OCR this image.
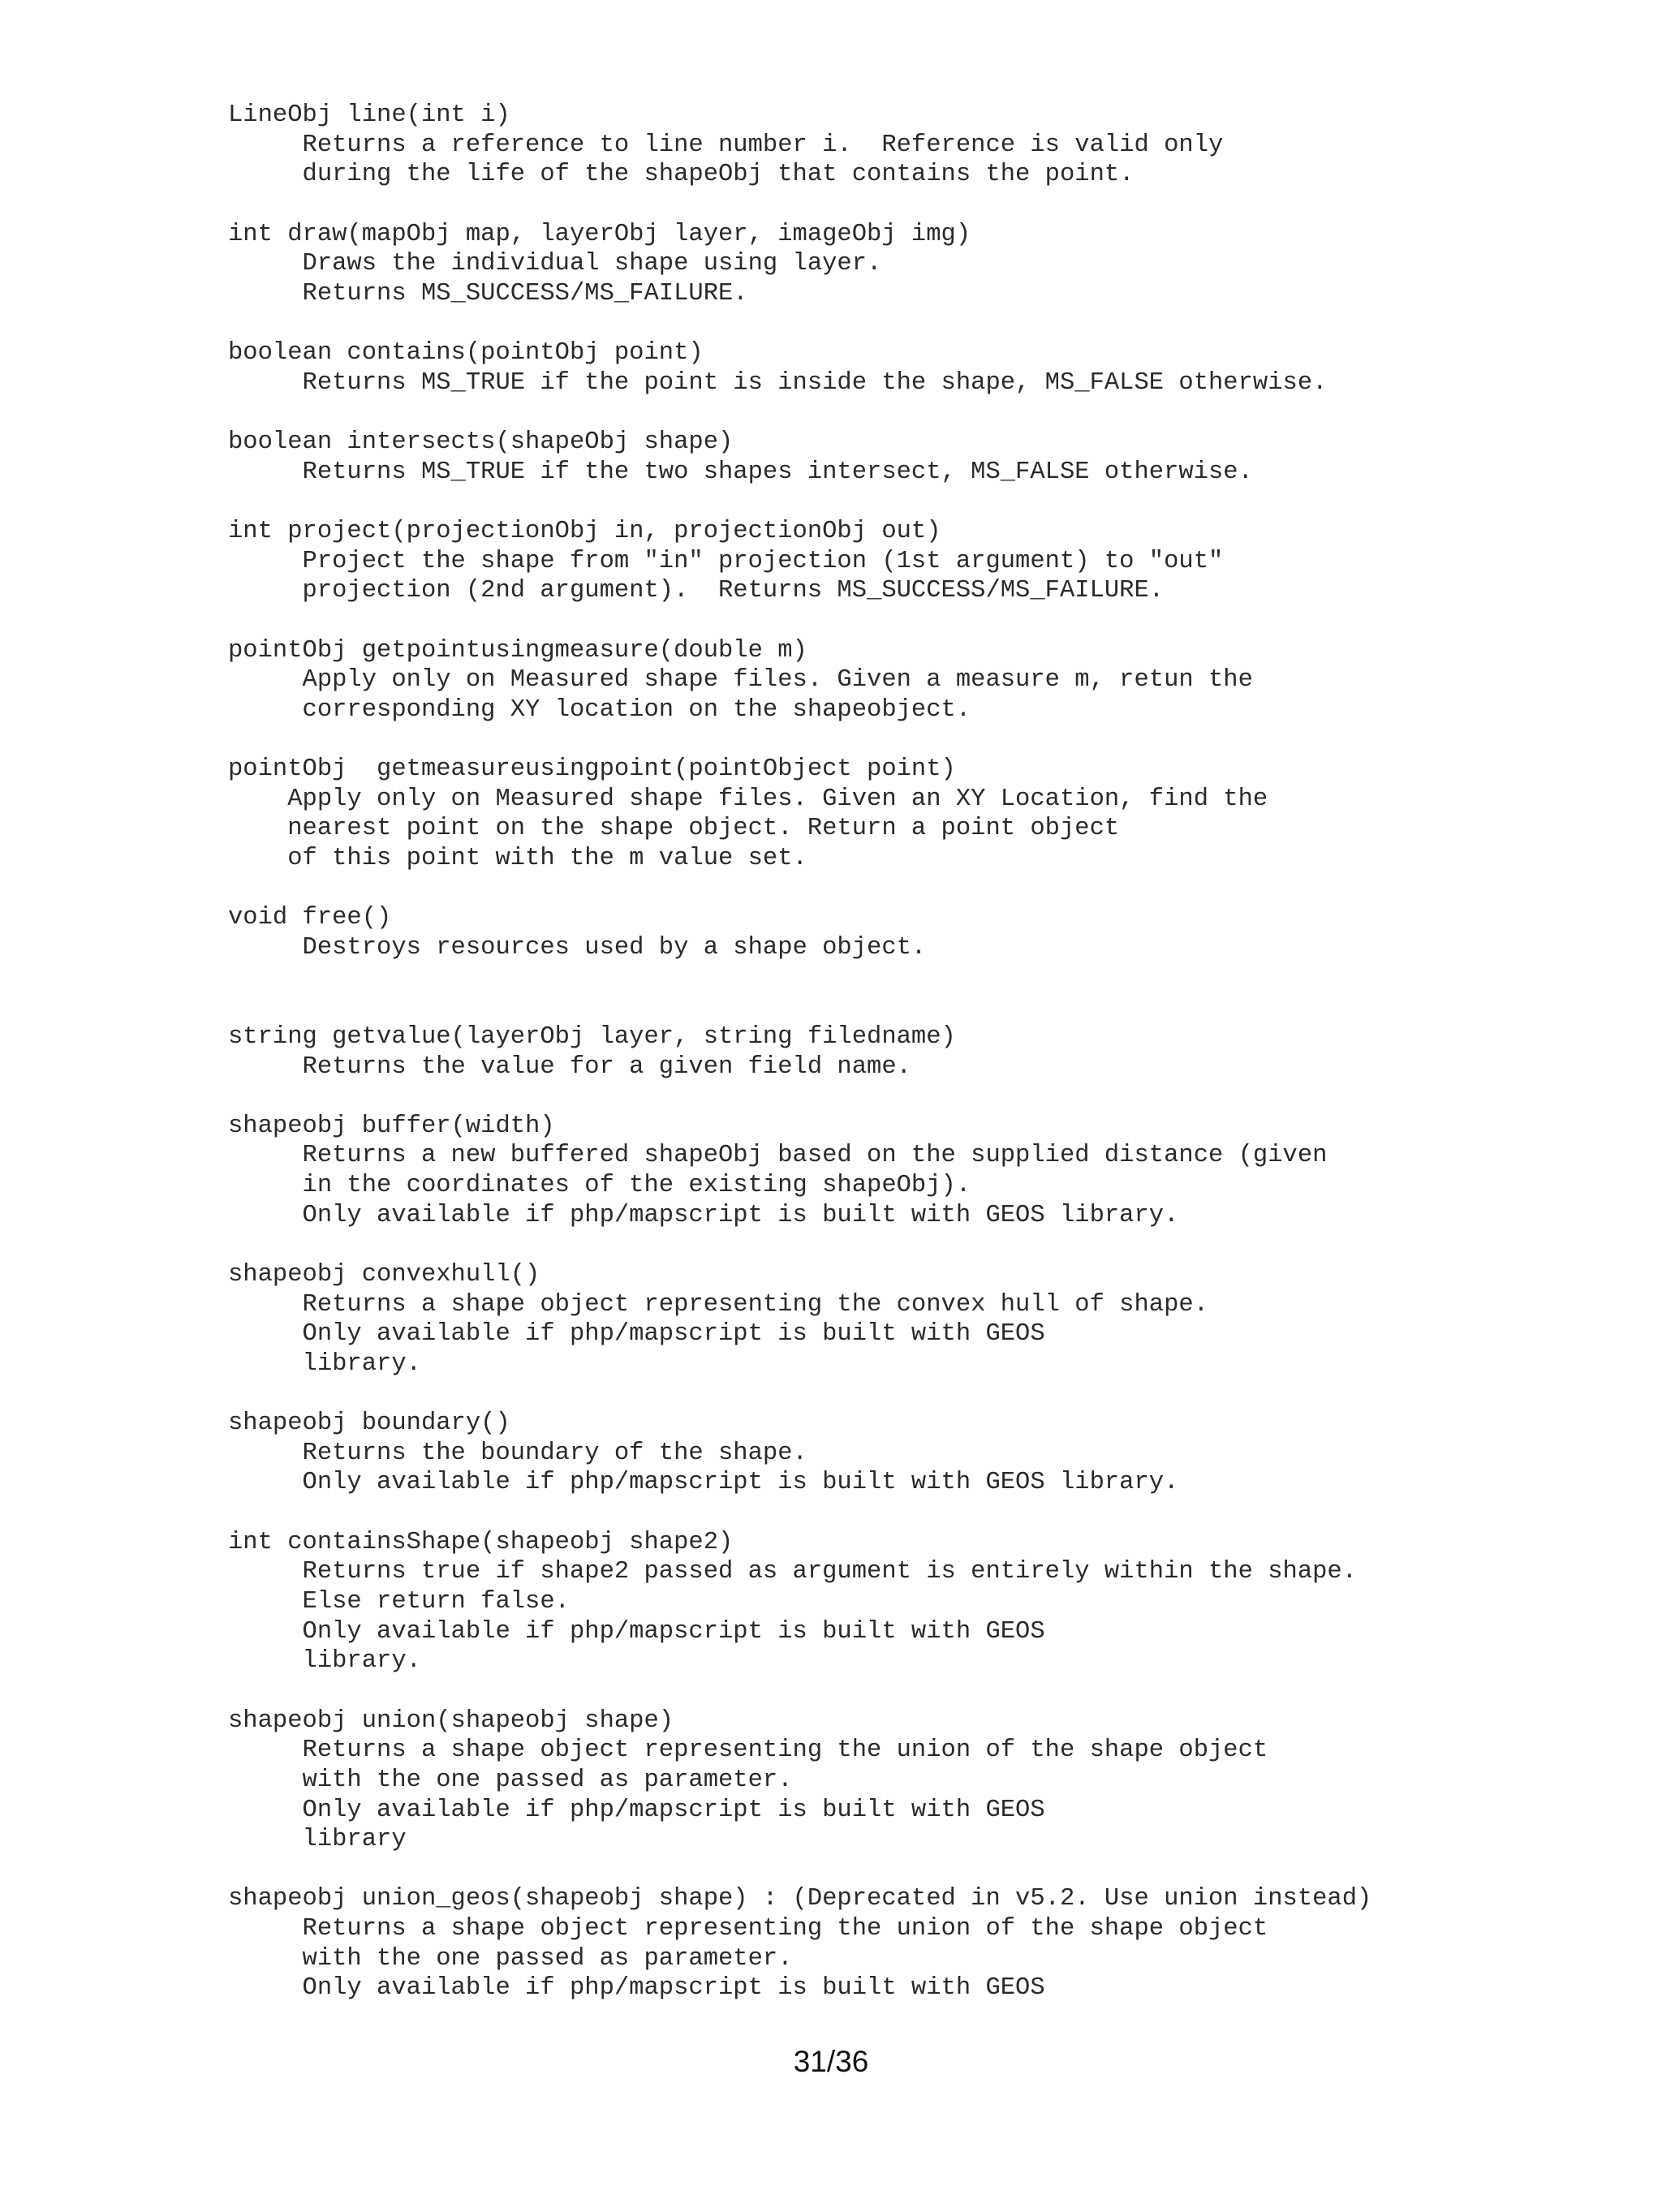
LineObj line(int i)
Returns a reference to line number i.  Reference is valid only
during the life of the shapeObj that contains the point.
int draw(mapObj map, layerObj layer, imageObj img)
Draws the individual shape using layer.
Returns MS_SUCCESS/MS_FAILURE.
boolean contains(pointObj point)
Returns MS_TRUE if the point is inside the shape, MS_FALSE otherwise.
boolean intersects(shapeObj shape)
Returns MS_TRUE if the two shapes intersect, MS_FALSE otherwise.
int project(projectionObj in, projectionObj out)
Project the shape from "in" projection (1st argument) to "out"
projection (2nd argument).  Returns MS_SUCCESS/MS_FAILURE.
pointObj getpointusingmeasure(double m)
Apply only on Measured shape files. Given a measure m, retun the
corresponding XY location on the shapeobject.
pointObj  getmeasureusingpoint(pointObject point)
Apply only on Measured shape files. Given an XY Location, find the
nearest point on the shape object. Return a point object
of this point with the m value set.
void free()
Destroys resources used by a shape object.
string getvalue(layerObj layer, string filedname)
Returns the value for a given field name.
shapeobj buffer(width)
Returns a new buffered shapeObj based on the supplied distance (given
in the coordinates of the existing shapeObj).
Only available if php/mapscript is built with GEOS library.
shapeobj convexhull()
Returns a shape object representing the convex hull of shape.
Only available if php/mapscript is built with GEOS
library.
shapeobj boundary()
Returns the boundary of the shape.
Only available if php/mapscript is built with GEOS library.
int containsShape(shapeobj shape2)
Returns true if shape2 passed as argument is entirely within the shape.
Else return false.
Only available if php/mapscript is built with GEOS
library.
shapeobj union(shapeobj shape)
Returns a shape object representing the union of the shape object
with the one passed as parameter.
Only available if php/mapscript is built with GEOS
library
shapeobj union_geos(shapeobj shape) : (Deprecated in v5.2. Use union instead)
Returns a shape object representing the union of the shape object
with the one passed as parameter.
Only available if php/mapscript is built with GEOS
31/36
